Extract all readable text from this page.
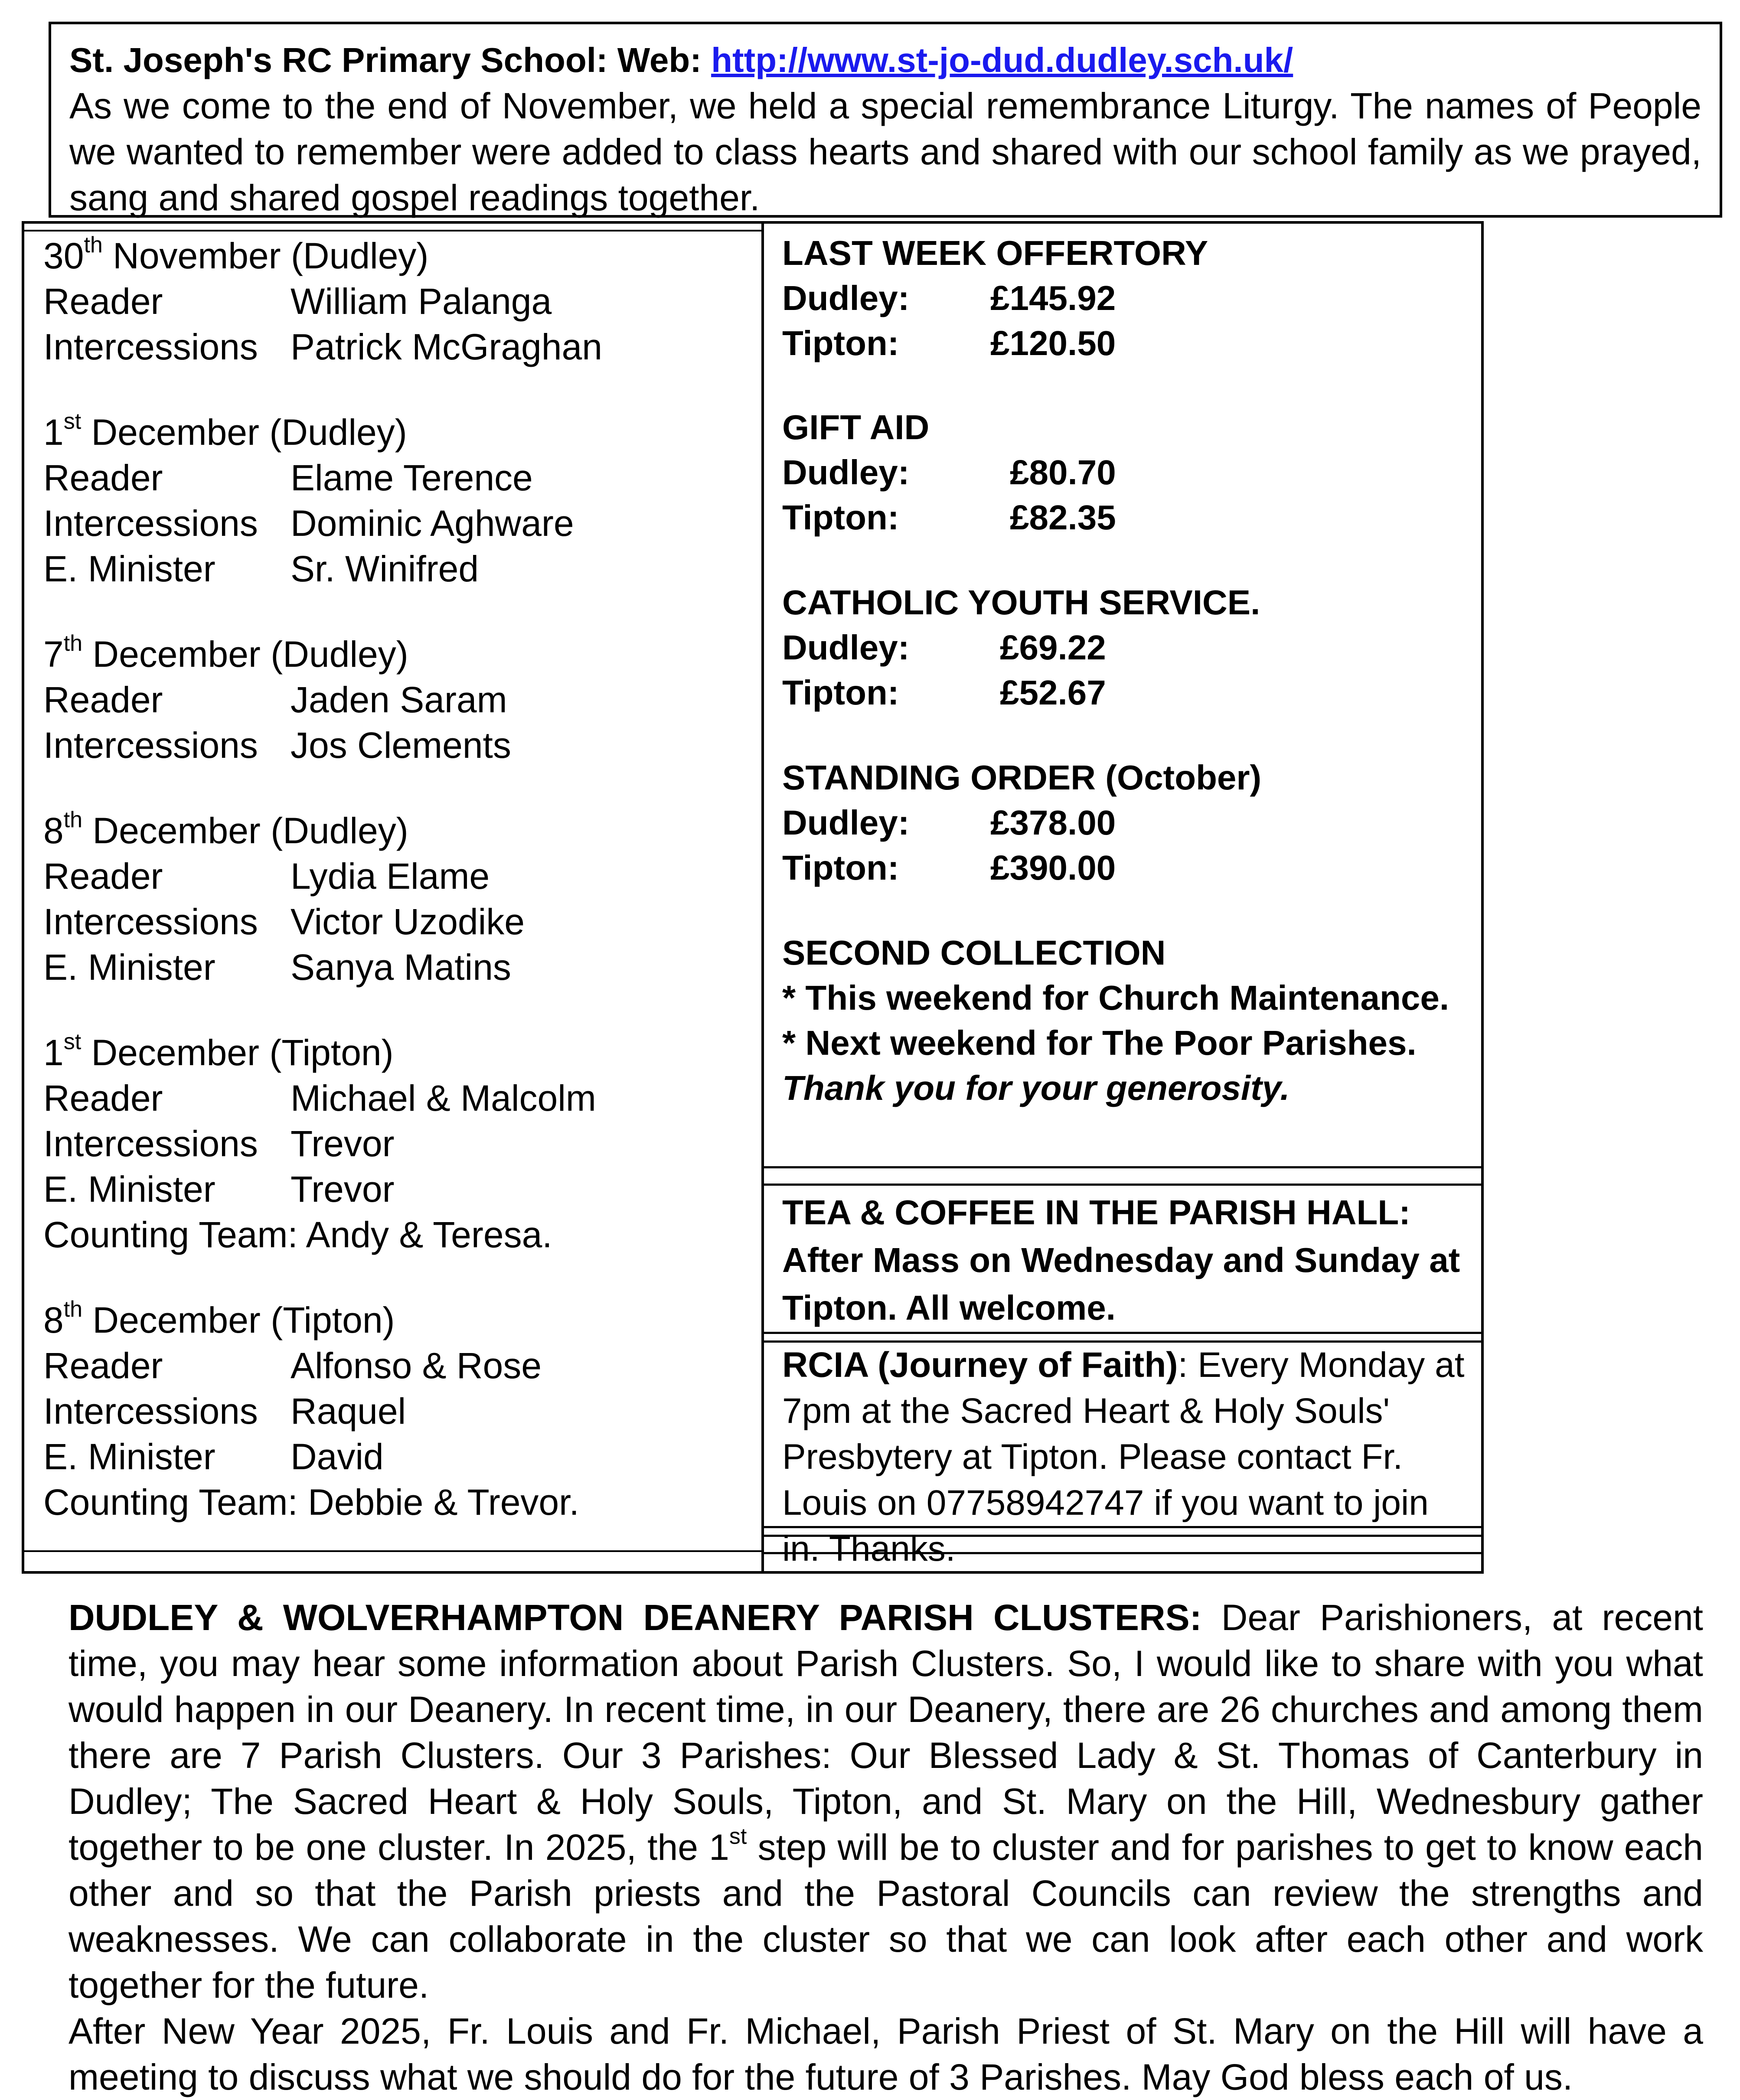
St. Joseph's RC Primary School: Web: http://www.st-jo-dud.dudley.sch.uk/

As we come to the end of November, we held a special remembrance Liturgy. The names of People we wanted to remember were added to class hearts and shared with our school family as we prayed, sang and shared gospel readings together.

30th November (Dudley)
Reader	William Palanga
Intercessions Patrick McGraghan
1st December (Dudley)
Reader	Elame Terence
Intercessions Dominic Aghware
E. Minister	Sr. Winifred
7th December (Dudley)
Reader	Jaden Saram
Intercessions Jos Clements
8th December (Dudley)
Reader	Lydia Elame
Intercessions Victor Uzodike
E. Minister	Sanya Matins
1st December (Tipton)
Reader	Michael & Malcolm
Intercessions Trevor
E. Minister	Trevor
Counting Team: Andy & Teresa.
8th December (Tipton)
Reader	Alfonso & Rose
Intercessions Raquel
E. Minister	David
Counting Team: Debbie & Trevor.
LAST WEEK OFFERTORY
Dudley:	£145.92
Tipton:	£120.50
GIFT AID
Dudley:	£80.70
Tipton:	£82.35
CATHOLIC YOUTH SERVICE.
Dudley:	£69.22
Tipton:	£52.67
STANDING ORDER (October)
Dudley:	£378.00
Tipton:	£390.00
SECOND COLLECTION
* This weekend for Church Maintenance.
* Next weekend for The Poor Parishes.
Thank you for your generosity.
TEA & COFFEE IN THE PARISH HALL:
After Mass on Wednesday and Sunday at Tipton. All welcome.
RCIA (Journey of Faith): Every Monday at 7pm at the Sacred Heart & Holy Souls' Presbytery at Tipton. Please contact Fr. Louis on 07758942747 if you want to join in. Thanks.

DUDLEY & WOLVERHAMPTON DEANERY PARISH CLUSTERS: Dear Parishioners, at recent time, you may hear some information about Parish Clusters. So, I would like to share with you what would happen in our Deanery. In recent time, in our Deanery, there are 26 churches and among them there are 7 Parish Clusters. Our 3 Parishes: Our Blessed Lady & St. Thomas of Canterbury in Dudley; The Sacred Heart & Holy Souls, Tipton, and St. Mary on the Hill, Wednesbury gather together to be one cluster. In 2025, the 1st step will be to cluster and for parishes to get to know each other and so that the Parish priests and the Pastoral Councils can review the strengths and weaknesses. We can collaborate in the cluster so that we can look after each other and work together for the future.

After New Year 2025, Fr. Louis and Fr. Michael, Parish Priest of St. Mary on the Hill will have a meeting to discuss what we should do for the future of 3 Parishes. May God bless each of us.
